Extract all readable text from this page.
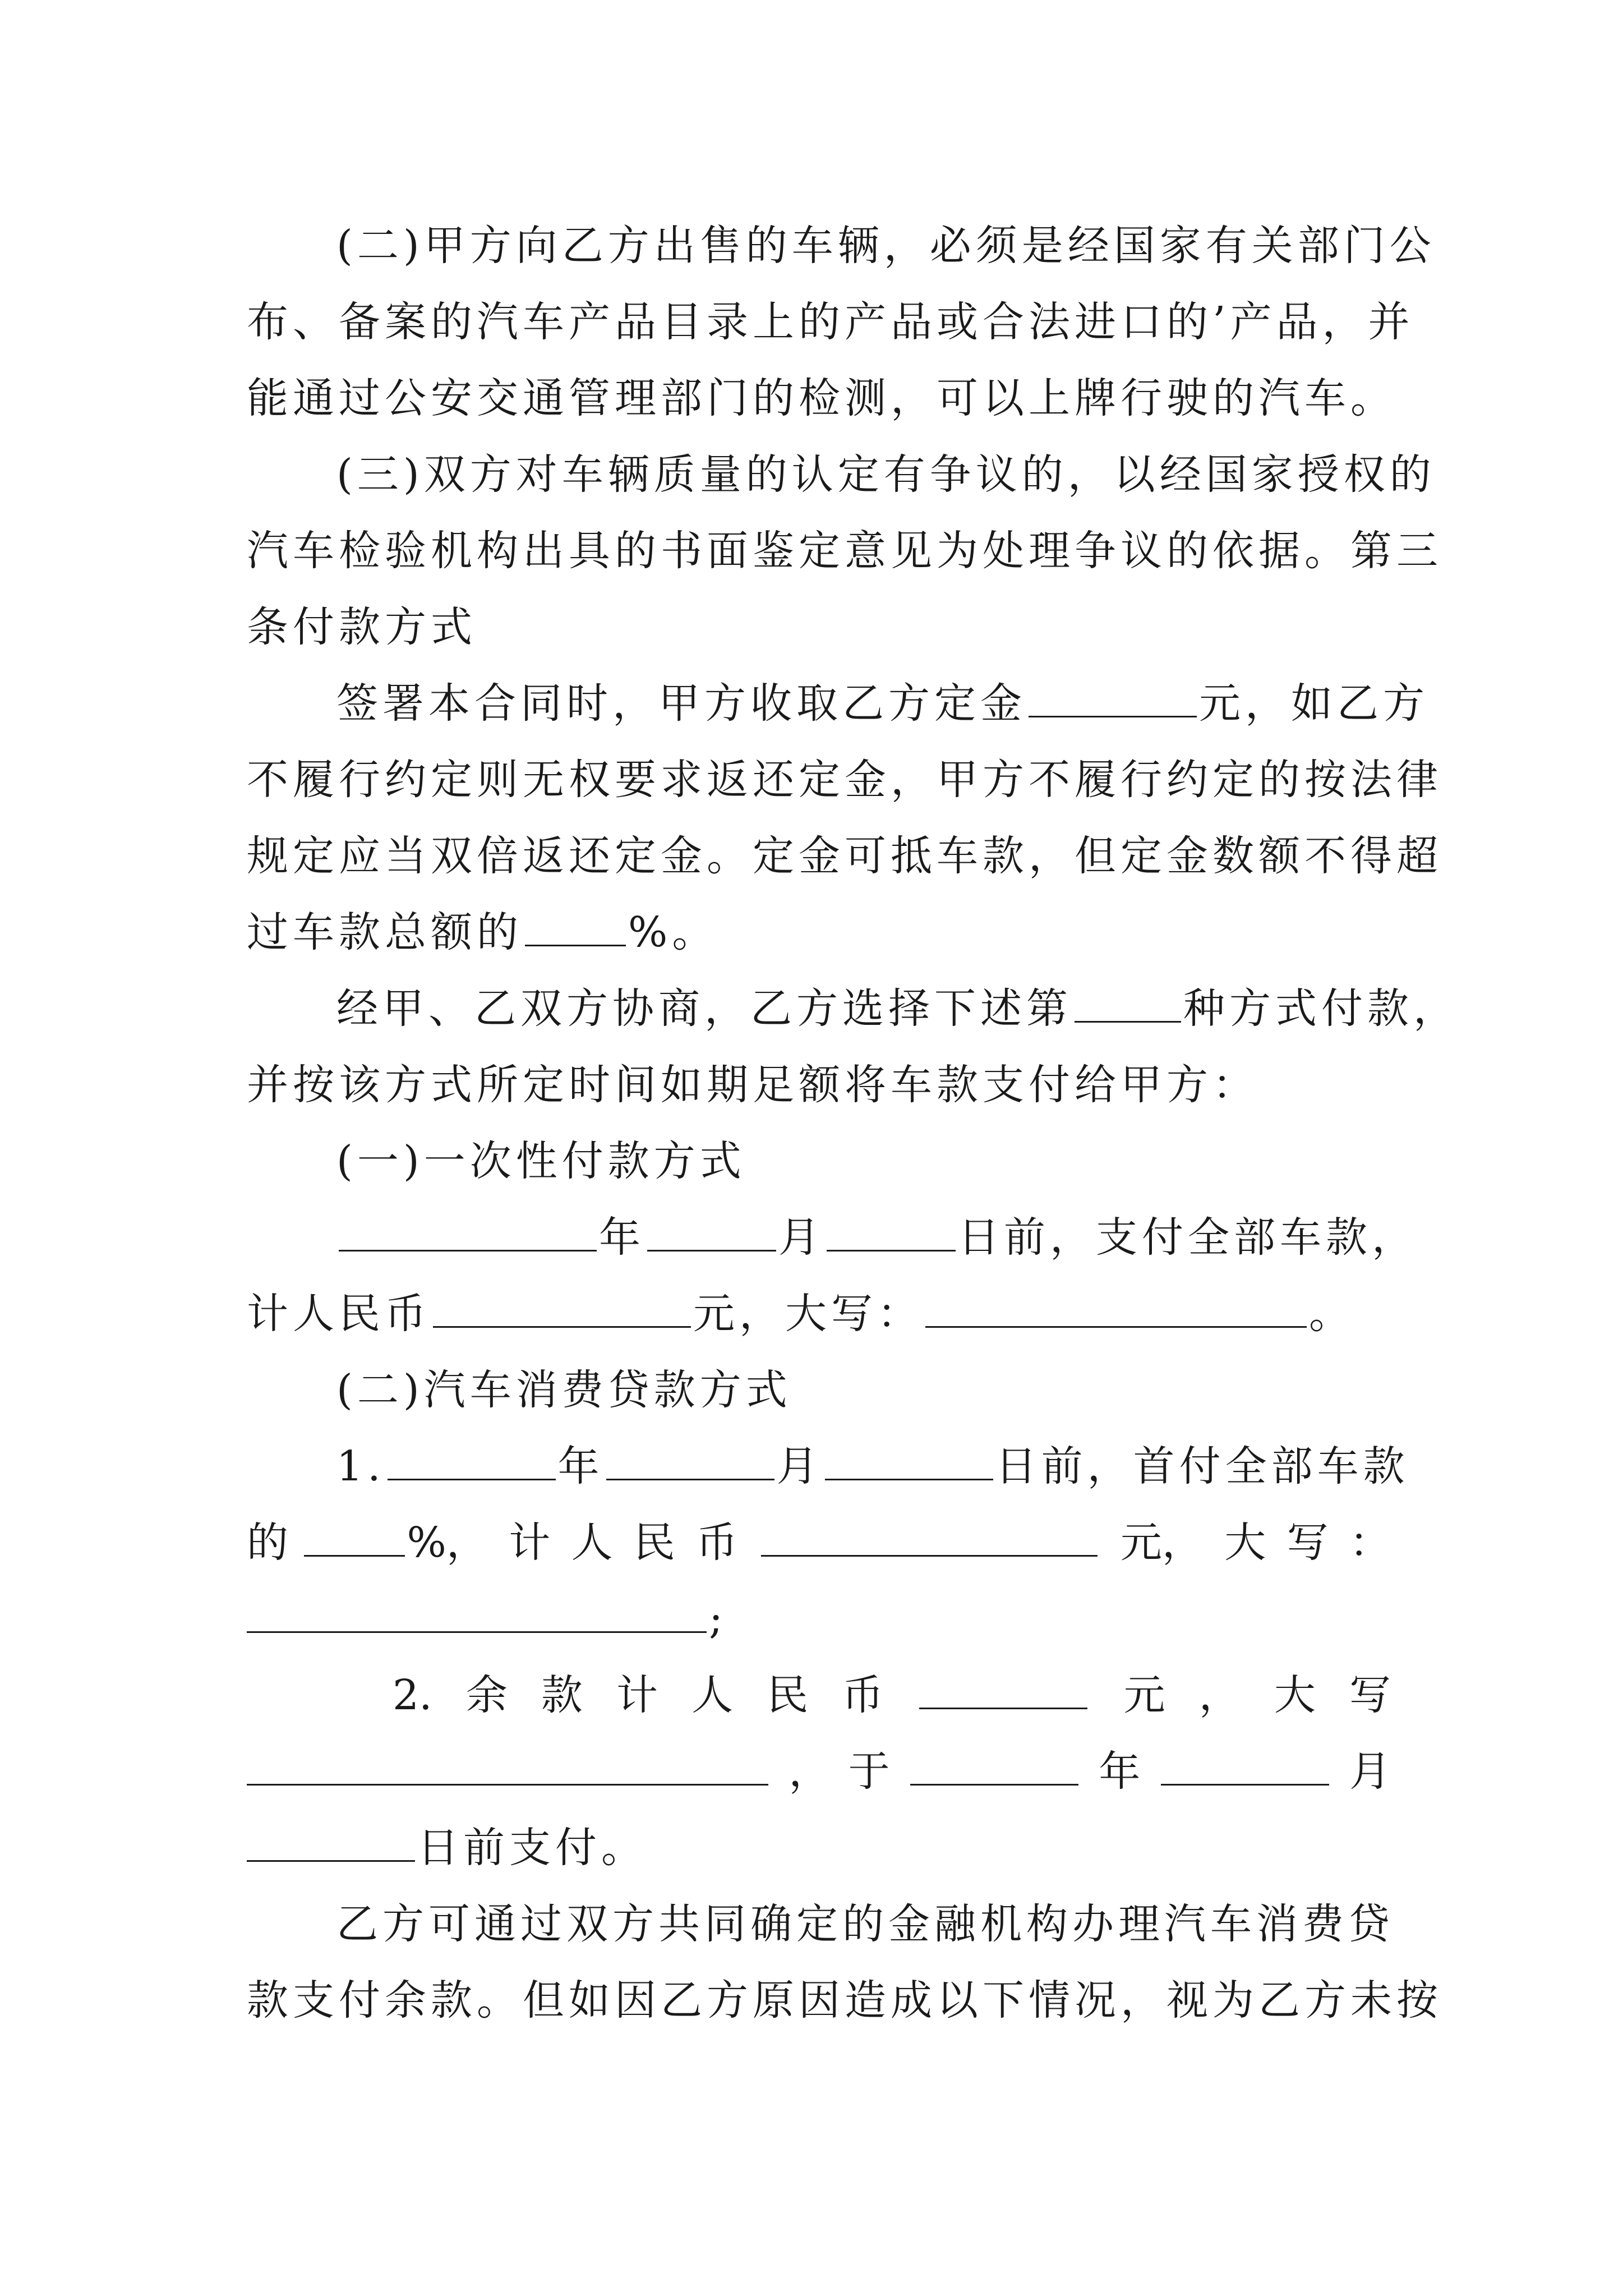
(二)甲方向乙方出售的车辆，必须是经国家有关部门公
布、备案的汽车产品目录上的产品或合法进口的’产品，并
能通过公安交通管理部门的检测，可以上牌行驶的汽车。
(三)双方对车辆质量的认定有争议的，以经国家授权的
汽车检验机构出具的书面鉴定意见为处理争议的依据。第三
条付款方式
签署本合同时，甲方收取乙方定金	元，如乙方
不履行约定则无权要求返还定金，甲方不履行约定的按法律
规定应当双倍返还定金。定金可抵车款，但定金数额不得超
过车款总额的	%。
经甲、乙双方协商，乙方选择下述第	种方式付款，
并按该方式所定时间如期足额将车款支付给甲方：
(一)一次性付款方式
年	月	日前，支付全部车款，
计人民币	元，大写：	。
(二)汽车消费贷款方式
1.	年	月	日前，首付全部车款
的	%， 计 人 民 币	元， 大 写 ：
;
2. 余 款 计 人 民 币	元 ， 大 写
， 于	年	月
日前支付。
乙方可通过双方共同确定的金融机构办理汽车消费贷
款支付余款。但如因乙方原因造成以下情况，视为乙方未按
